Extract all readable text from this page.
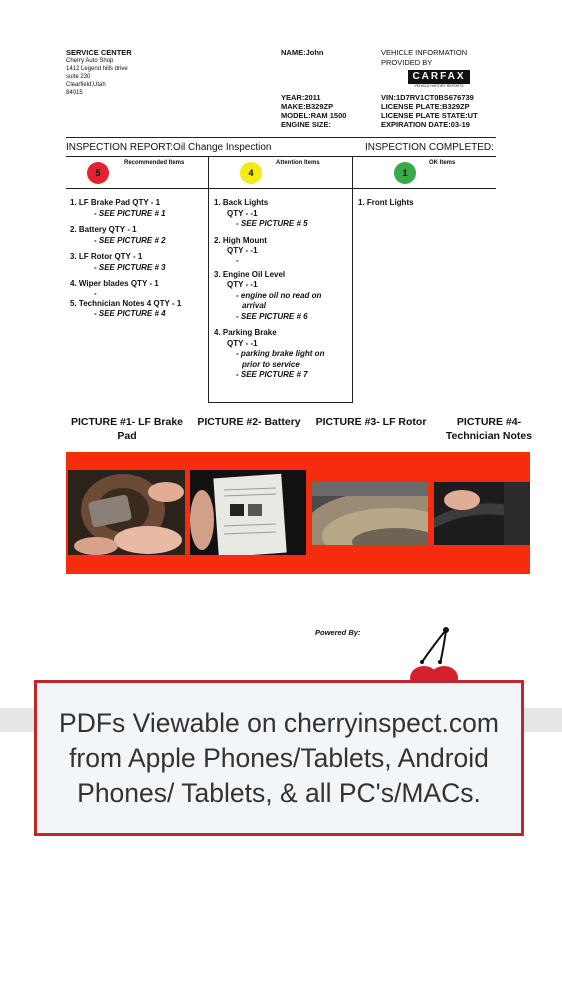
SERVICE CENTER
Cherry Auto Shop
1412 Legend hills drive
suite 230
Clearfield,Utah
84015
NAME:John
YEAR:2011
MAKE:B329ZP
MODEL:RAM 1500
ENGINE SIZE:
VEHICLE INFORMATION
PROVIDED BY
CARFAX
VEHICLE HISTORY REPORTS
VIN:1D7RV1CT0BS676739
LICENSE PLATE:B329ZP
LICENSE PLATE STATE:UT
EXPIRATION DATE:03-19
INSPECTION REPORT:Oil Change Inspection	INSPECTION COMPLETED:
Recommended Items	Attention Items	OK Items
5	4	1
1. LF Brake Pad QTY - 1
- SEE PICTURE # 1
2. Battery QTY - 1
- SEE PICTURE # 2
3. LF Rotor QTY - 1
- SEE PICTURE # 3
4. Wiper blades QTY - 1
-
5. Technician Notes 4 QTY - 1
- SEE PICTURE # 4
1. Back Lights
QTY - -1
- SEE PICTURE # 5
2. High Mount
QTY - -1
-
3. Engine Oil Level
QTY - -1
- engine oil no read on
arrival
- SEE PICTURE # 6
4. Parking Brake
QTY - -1
- parking brake light on
prior to service
- SEE PICTURE # 7
1. Front Lights
PICTURE #1- LF Brake
Pad
PICTURE #2- Battery	PICTURE #3- LF Rotor	PICTURE #4-
Technician Notes
Powered By:
PDFs Viewable on cherryinspect.com from Apple Phones/Tablets, Android Phones/ Tablets, & all PC's/MACs.
